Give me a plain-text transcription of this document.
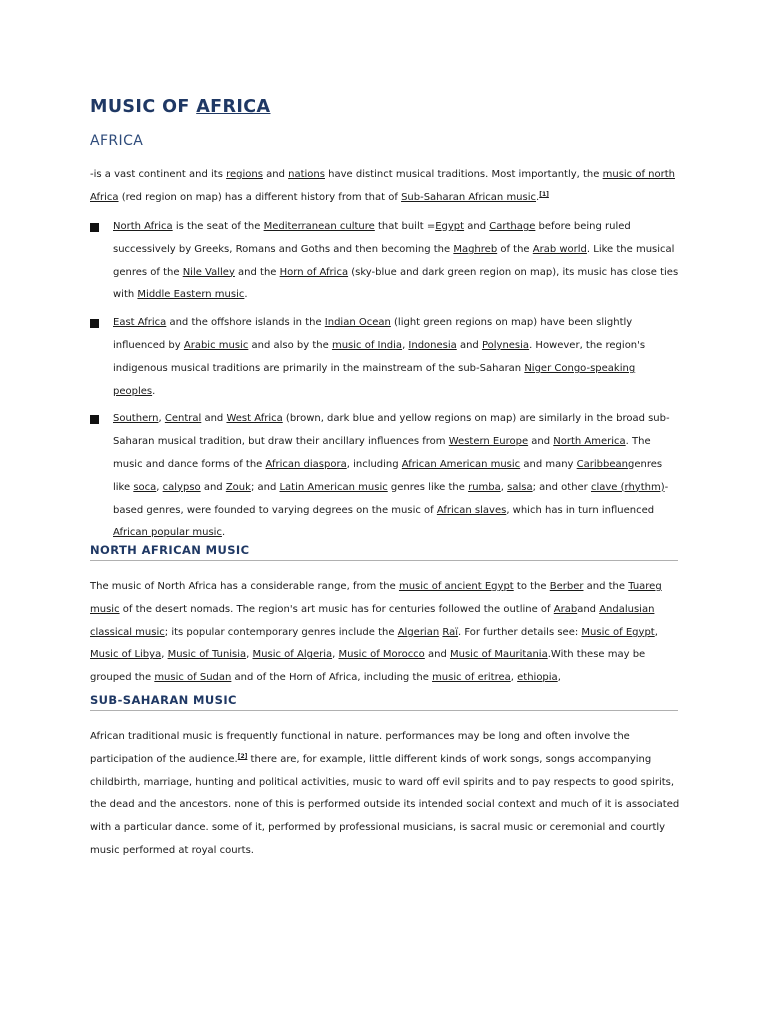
MUSIC OF AFRICA
AFRICA

-is a vast continent and its regions and nations have distinct musical traditions. Most importantly, the music of north Africa (red region on map) has a different history from that of Sub-Saharan African music.[1]

North Africa is the seat of the Mediterranean culture that built =Egypt and Carthage before being ruled successively by Greeks, Romans and Goths and then becoming the Maghreb of the Arab world. Like the musical genres of the Nile Valley and the Horn of Africa (sky-blue and dark green region on map), its music has close ties with Middle Eastern music.
East Africa and the offshore islands in the Indian Ocean (light green regions on map) have been slightly influenced by Arabic music and also by the music of India, Indonesia and Polynesia. However, the region's indigenous musical traditions are primarily in the mainstream of the sub-Saharan Niger Congo-speaking peoples.
Southern, Central and West Africa (brown, dark blue and yellow regions on map) are similarly in the broad sub-Saharan musical tradition, but draw their ancillary influences from Western Europe and North America. The music and dance forms of the African diaspora, including African American music and many Caribbeangenres like soca, calypso and Zouk; and Latin American music genres like the rumba, salsa; and other clave (rhythm)-based genres, were founded to varying degrees on the music of African slaves, which has in turn influenced African popular music.
NORTH AFRICAN MUSIC

The music of North Africa has a considerable range, from the music of ancient Egypt to the Berber and the Tuareg music of the desert nomads. The region's art music has for centuries followed the outline of Araband Andalusian classical music; its popular contemporary genres include the Algerian Raï. For further details see: Music of Egypt, Music of Libya, Music of Tunisia, Music of Algeria, Music of Morocco and Music of Mauritania.With these may be grouped the music of Sudan and of the Horn of Africa, including the music of eritrea, ethiopia,

SUB-SAHARAN MUSIC

African traditional music is frequently functional in nature. performances may be long and often involve the participation of the audience.[2] there are, for example, little different kinds of work songs, songs accompanying childbirth, marriage, hunting and political activities, music to ward off evil spirits and to pay respects to good spirits, the dead and the ancestors. none of this is performed outside its intended social context and much of it is associated with a particular dance. some of it, performed by professional musicians, is sacral music or ceremonial and courtly music performed at royal courts.
